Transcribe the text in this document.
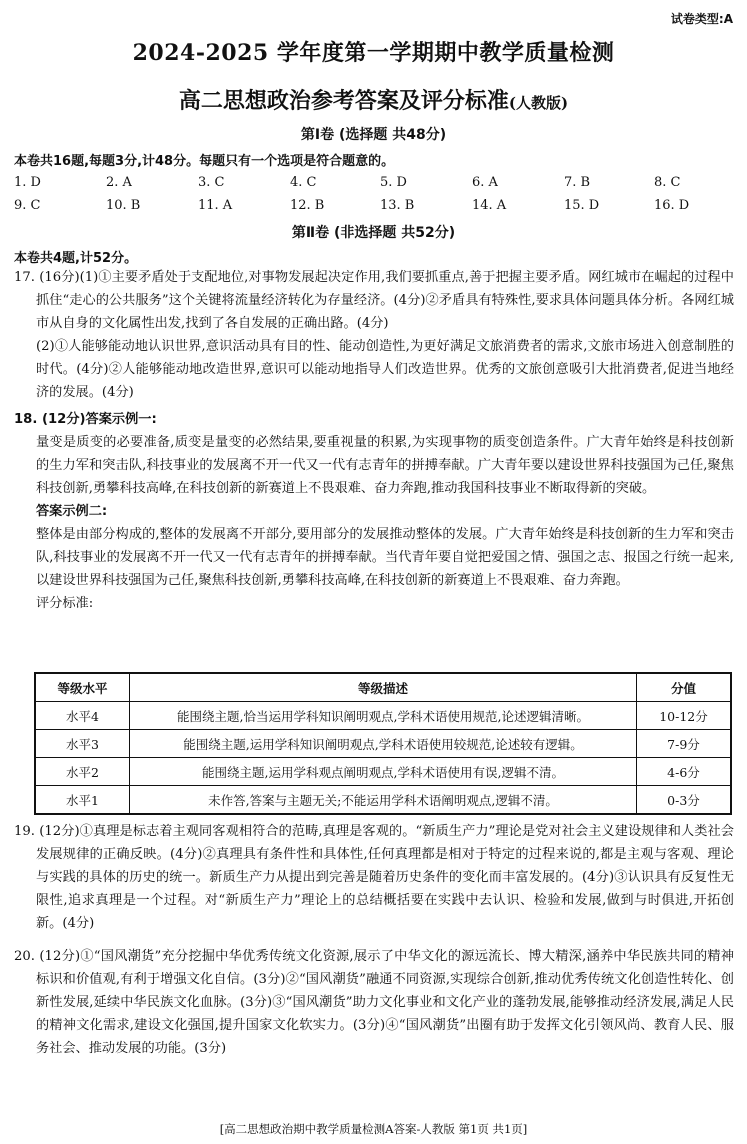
试卷类型:A
2024-2025 学年度第一学期期中教学质量检测
高二思想政治参考答案及评分标准(人教版)
第Ⅰ卷 (选择题 共48分)
本卷共16题,每题3分,计48分。每题只有一个选项是符合题意的。
1. D	2. A	3. C	4. C	5. D	6. A	7. B	8. C
9. C	10. B	11. A	12. B	13. B	14. A	15. D	16. D
第Ⅱ卷 (非选择题 共52分)
本卷共4题,计52分。

17. (16分)(1)①主要矛盾处于支配地位,对事物发展起决定作用,我们要抓重点,善于把握主要矛盾。网红城市在崛起的过程中抓住“走心的公共服务”这个关键将流量经济转化为存量经济。(4分)②矛盾具有特殊性,要求具体问题具体分析。各网红城市从自身的文化属性出发,找到了各自发展的正确出路。(4分)

(2)①人能够能动地认识世界,意识活动具有目的性、能动创造性,为更好满足文旅消费者的需求,文旅市场进入创意制胜的时代。(4分)②人能够能动地改造世界,意识可以能动地指导人们改造世界。优秀的文旅创意吸引大批消费者,促进当地经济的发展。(4分)

18. (12分)答案示例一:

量变是质变的必要准备,质变是量变的必然结果,要重视量的积累,为实现事物的质变创造条件。广大青年始终是科技创新的生力军和突击队,科技事业的发展离不开一代又一代有志青年的拼搏奉献。广大青年要以建设世界科技强国为己任,聚焦科技创新,勇攀科技高峰,在科技创新的新赛道上不畏艰难、奋力奔跑,推动我国科技事业不断取得新的突破。

答案示例二:

整体是由部分构成的,整体的发展离不开部分,要用部分的发展推动整体的发展。广大青年始终是科技创新的生力军和突击队,科技事业的发展离不开一代又一代有志青年的拼搏奉献。当代青年要自觉把爱国之情、强国之志、报国之行统一起来,以建设世界科技强国为己任,聚焦科技创新,勇攀科技高峰,在科技创新的新赛道上不畏艰难、奋力奔跑。

评分标准:

等级水平	等级描述	分值
水平4	能围绕主题,恰当运用学科知识阐明观点,学科术语使用规范,论述逻辑清晰。	10-12分
水平3	能围绕主题,运用学科知识阐明观点,学科术语使用较规范,论述较有逻辑。	7-9分
水平2	能围绕主题,运用学科观点阐明观点,学科术语使用有误,逻辑不清。	4-6分
水平1	未作答,答案与主题无关;不能运用学科术语阐明观点,逻辑不清。	0-3分

19. (12分)①真理是标志着主观同客观相符合的范畴,真理是客观的。“新质生产力”理论是党对社会主义建设规律和人类社会发展规律的正确反映。(4分)②真理具有条件性和具体性,任何真理都是相对于特定的过程来说的,都是主观与客观、理论与实践的具体的历史的统一。新质生产力从提出到完善是随着历史条件的变化而丰富发展的。(4分)③认识具有反复性无限性,追求真理是一个过程。对“新质生产力”理论上的总结概括要在实践中去认识、检验和发展,做到与时俱进,开拓创新。(4分)

20. (12分)①“国风潮货”充分挖掘中华优秀传统文化资源,展示了中华文化的源远流长、博大精深,涵养中华民族共同的精神标识和价值观,有利于增强文化自信。(3分)②“国风潮货”融通不同资源,实现综合创新,推动优秀传统文化创造性转化、创新性发展,延续中华民族文化血脉。(3分)③“国风潮货”助力文化事业和文化产业的蓬勃发展,能够推动经济发展,满足人民的精神文化需求,建设文化强国,提升国家文化软实力。(3分)④“国风潮货”出圈有助于发挥文化引领风尚、教育人民、服务社会、推动发展的功能。(3分)

[高二思想政治期中教学质量检测A答案-人教版 第1页 共1页]
